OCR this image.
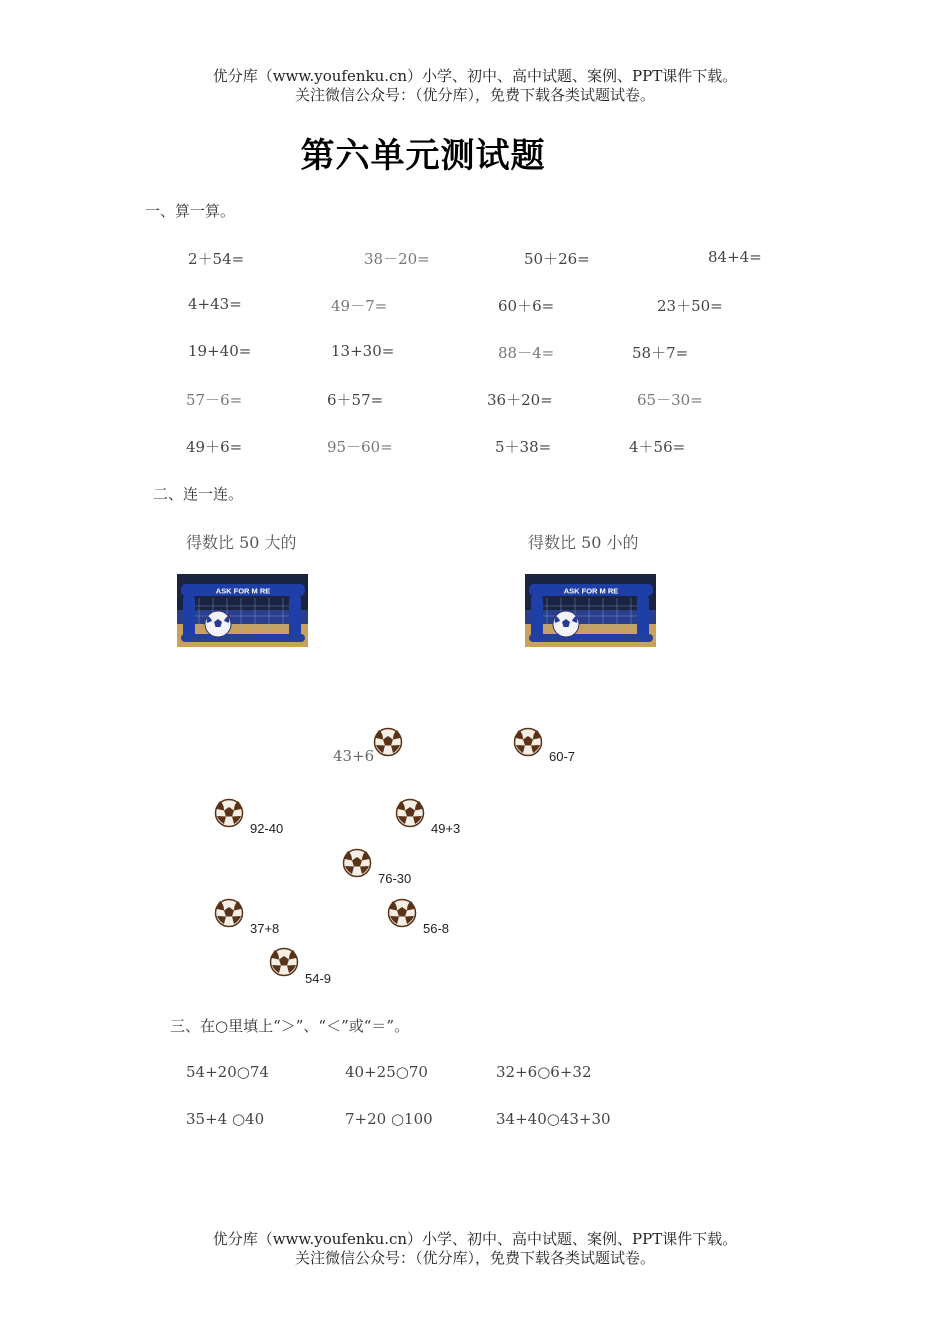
优分库（www.youfenku.cn）小学、初中、高中试题、案例、PPT课件下载。
关注微信公众号：（优分库），免费下载各类试题试卷。
第六单元测试题
一、算一算。
2＋54=	38－20=	50＋26=	84+4=
4+43=	49－7=	60＋6=	23＋50=
19+40=	13+30=	88－4=	58＋7=
57－6=	6＋57=	36＋20=	65－30=
49＋6=	95－60=	5＋38=	4＋56=
二、连一连。
得数比 50 大的	得数比 50 小的
ASK FOR M RE	ASK FOR M RE
43+6	60-7
92-40	49+3
76-30
37+8	56-8
54-9
三、在○里填上“＞”、“＜”或“＝”。
54+20○74	40+25○70	32+6○6+32
35+4 ○40	7+20 ○100	34+40○43+30
优分库（www.youfenku.cn）小学、初中、高中试题、案例、PPT课件下载。
关注微信公众号：（优分库），免费下载各类试题试卷。
